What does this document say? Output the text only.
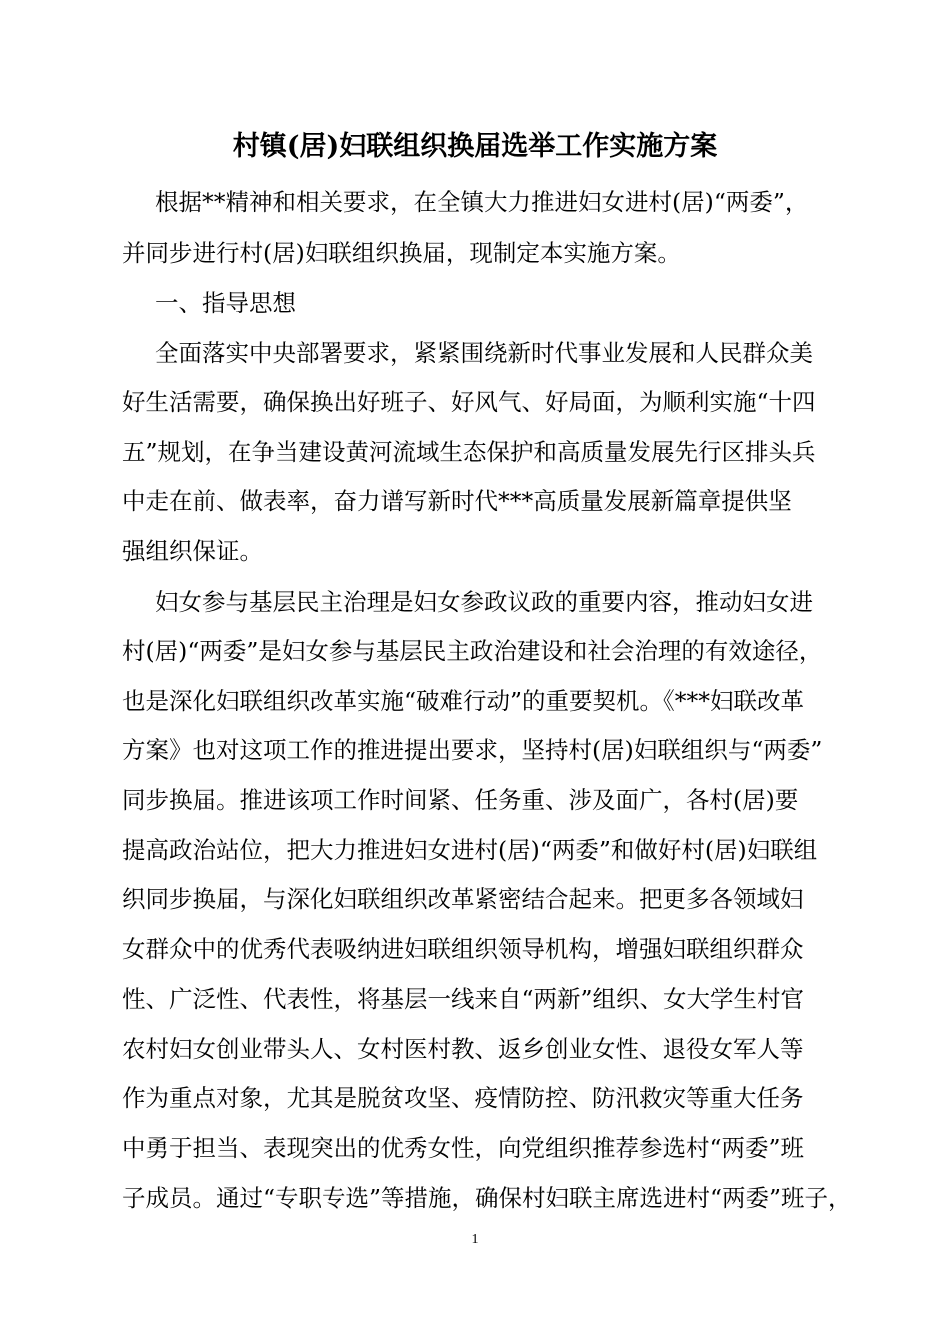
村镇(居)妇联组织换届选举工作实施方案
根据**精神和相关要求，在全镇大力推进妇女进村(居)“两委”，
并同步进行村(居)妇联组织换届，现制定本实施方案。
一、指导思想
全面落实中央部署要求，紧紧围绕新时代事业发展和人民群众美
好生活需要，确保换出好班子、好风气、好局面，为顺利实施“十四
五”规划，在争当建设黄河流域生态保护和高质量发展先行区排头兵
中走在前、做表率，奋力谱写新时代***高质量发展新篇章提供坚
强组织保证。
妇女参与基层民主治理是妇女参政议政的重要内容，推动妇女进
村(居)“两委”是妇女参与基层民主政治建设和社会治理的有效途径，
也是深化妇联组织改革实施“破难行动”的重要契机。《***妇联改革
方案》也对这项工作的推进提出要求，坚持村(居)妇联组织与“两委”
同步换届。推进该项工作时间紧、任务重、涉及面广，各村(居)要
提高政治站位，把大力推进妇女进村(居)“两委”和做好村(居)妇联组
织同步换届，与深化妇联组织改革紧密结合起来。把更多各领域妇
女群众中的优秀代表吸纳进妇联组织领导机构，增强妇联组织群众
性、广泛性、代表性，将基层一线来自“两新”组织、女大学生村官
农村妇女创业带头人、女村医村教、返乡创业女性、退役女军人等
作为重点对象，尤其是脱贫攻坚、疫情防控、防汛救灾等重大任务
中勇于担当、表现突出的优秀女性，向党组织推荐参选村“两委”班
子成员。通过“专职专选”等措施，确保村妇联主席选进村“两委”班子，
1
